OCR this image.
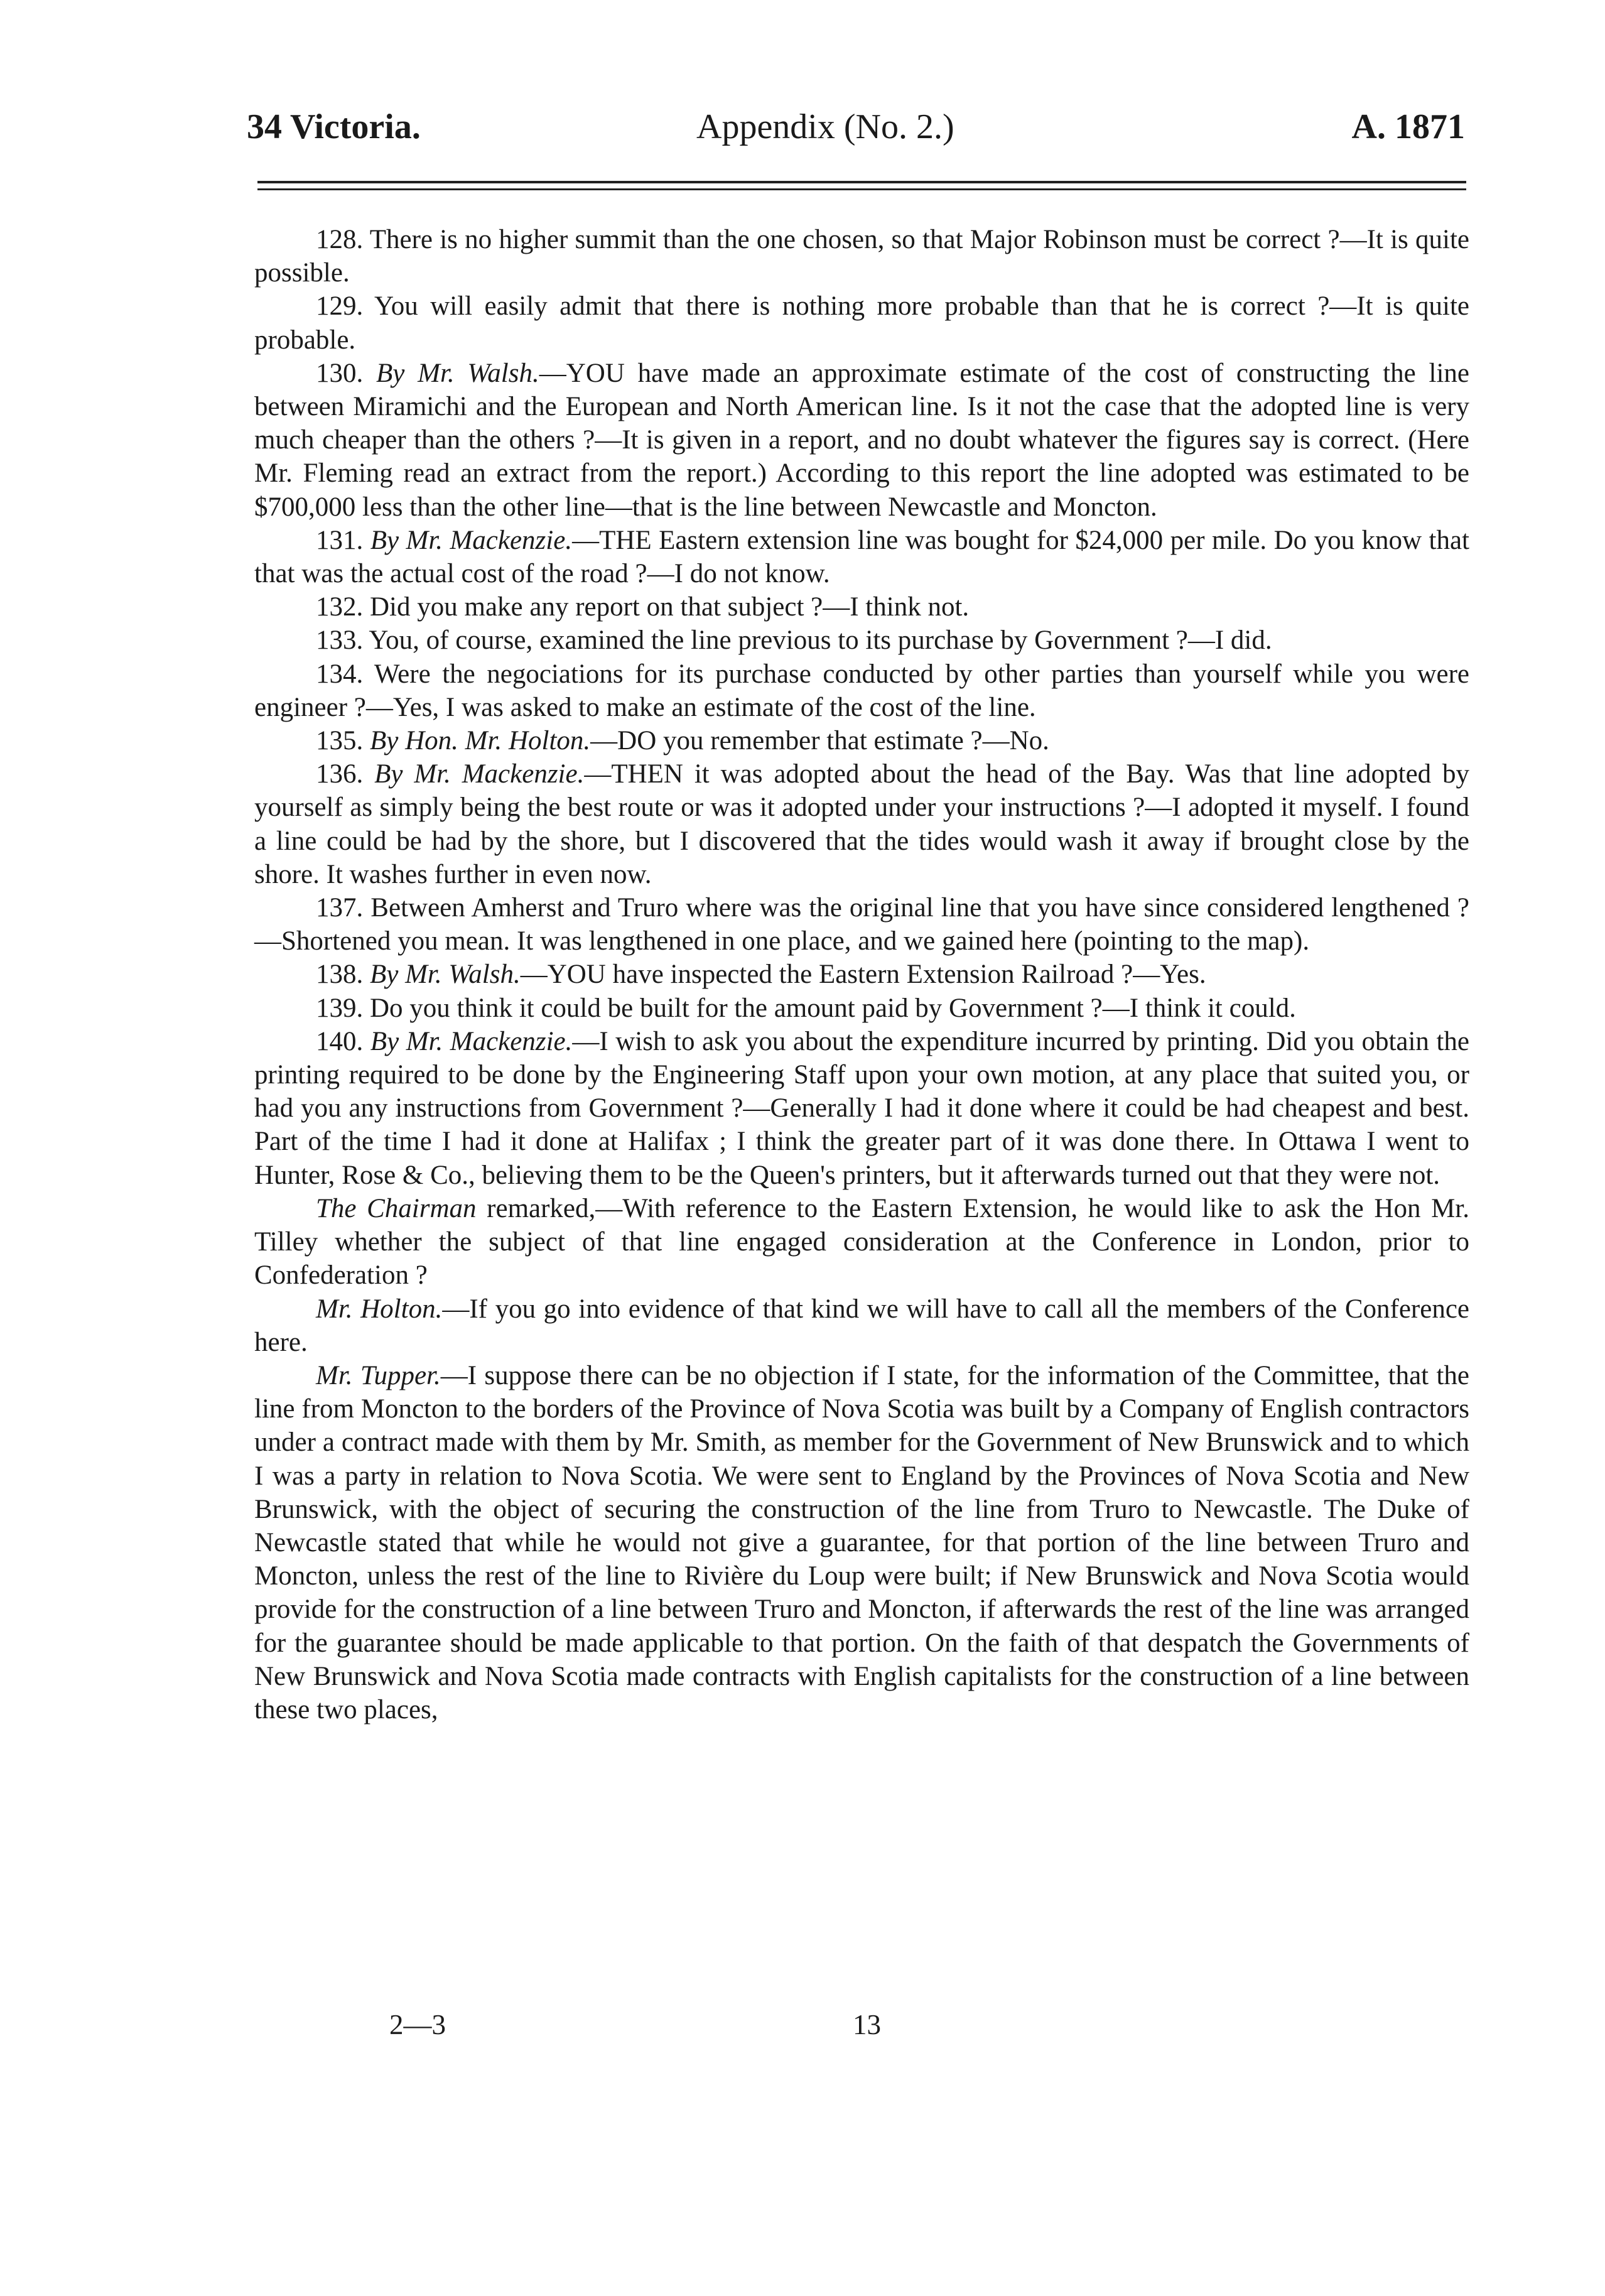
34 Victoria.	Appendix (No. 2.)	A. 1871

128. There is no higher summit than the one chosen, so that Major Robinson must be correct ?—It is quite possible.

129. You will easily admit that there is nothing more probable than that he is correct ?—It is quite probable.

130. By Mr. Walsh.—YOU have made an approximate estimate of the cost of constructing the line between Miramichi and the European and North American line. Is it not the case that the adopted line is very much cheaper than the others ?—It is given in a report, and no doubt whatever the figures say is correct. (Here Mr. Fleming read an extract from the report.) According to this report the line adopted was estimated to be $700,000 less than the other line—that is the line between Newcastle and Moncton.

131. By Mr. Mackenzie.—THE Eastern extension line was bought for $24,000 per mile. Do you know that that was the actual cost of the road ?—I do not know.

132. Did you make any report on that subject ?—I think not.

133. You, of course, examined the line previous to its purchase by Government ?—I did.

134. Were the negociations for its purchase conducted by other parties than yourself while you were engineer ?—Yes, I was asked to make an estimate of the cost of the line.

135. By Hon. Mr. Holton.—DO you remember that estimate ?—No.

136. By Mr. Mackenzie.—THEN it was adopted about the head of the Bay. Was that line adopted by yourself as simply being the best route or was it adopted under your instructions ?—I adopted it myself. I found a line could be had by the shore, but I discovered that the tides would wash it away if brought close by the shore. It washes further in even now.

137. Between Amherst and Truro where was the original line that you have since considered lengthened ?—Shortened you mean. It was lengthened in one place, and we gained here (pointing to the map).

138. By Mr. Walsh.—YOU have inspected the Eastern Extension Railroad ?—Yes.

139. Do you think it could be built for the amount paid by Government ?—I think it could.

140. By Mr. Mackenzie.—I wish to ask you about the expenditure incurred by printing. Did you obtain the printing required to be done by the Engineering Staff upon your own motion, at any place that suited you, or had you any instructions from Government ?—Generally I had it done where it could be had cheapest and best. Part of the time I had it done at Halifax ; I think the greater part of it was done there. In Ottawa I went to Hunter, Rose & Co., believing them to be the Queen's printers, but it afterwards turned out that they were not.

The Chairman remarked,—With reference to the Eastern Extension, he would like to ask the Hon Mr. Tilley whether the subject of that line engaged consideration at the Conference in London, prior to Confederation ?

Mr. Holton.—If you go into evidence of that kind we will have to call all the members of the Conference here.

Mr. Tupper.—I suppose there can be no objection if I state, for the information of the Committee, that the line from Moncton to the borders of the Province of Nova Scotia was built by a Company of English contractors under a contract made with them by Mr. Smith, as member for the Government of New Brunswick and to which I was a party in relation to Nova Scotia. We were sent to England by the Provinces of Nova Scotia and New Brunswick, with the object of securing the construction of the line from Truro to Newcastle. The Duke of Newcastle stated that while he would not give a guarantee, for that portion of the line between Truro and Moncton, unless the rest of the line to Rivière du Loup were built; if New Brunswick and Nova Scotia would provide for the construction of a line between Truro and Moncton, if afterwards the rest of the line was arranged for the guarantee should be made applicable to that portion. On the faith of that despatch the Governments of New Brunswick and Nova Scotia made contracts with English capitalists for the construction of a line between these two places,

2—3	13
